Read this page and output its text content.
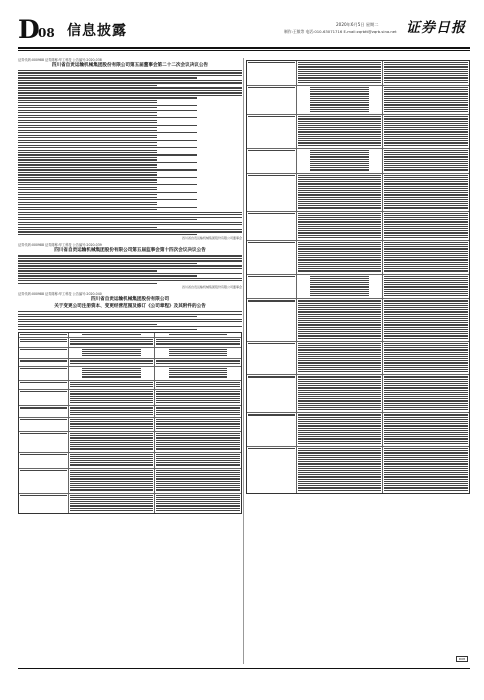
D
08 信息披露	2020年6月5日 星期二
制作:王敏等 电话:010-63071716 E-mail:zqrbtt@zqrb.sina.net 证券日报
证券代码:000988 证券简称:华工科技 公告编号:2020-038
四川省自贡运输机械集团股份有限公司第五届董事会第二十二次会议决议公告
四川省自贡运输机械集团股份有限公司董事会
证券代码:000988 证券简称:华工科技 公告编号:2020-039
四川省自贡运输机械集团股份有限公司第五届监事会第十四次会议决议公告
四川省自贡运输机械集团股份有限公司董事会
证券代码:000988 证券简称:华工科技 公告编号:2020-040
四川省自贡运输机械集团股份有限公司
关于变更公司注册资本、变更经营范围及修订《公司章程》及其附件的公告
D08
